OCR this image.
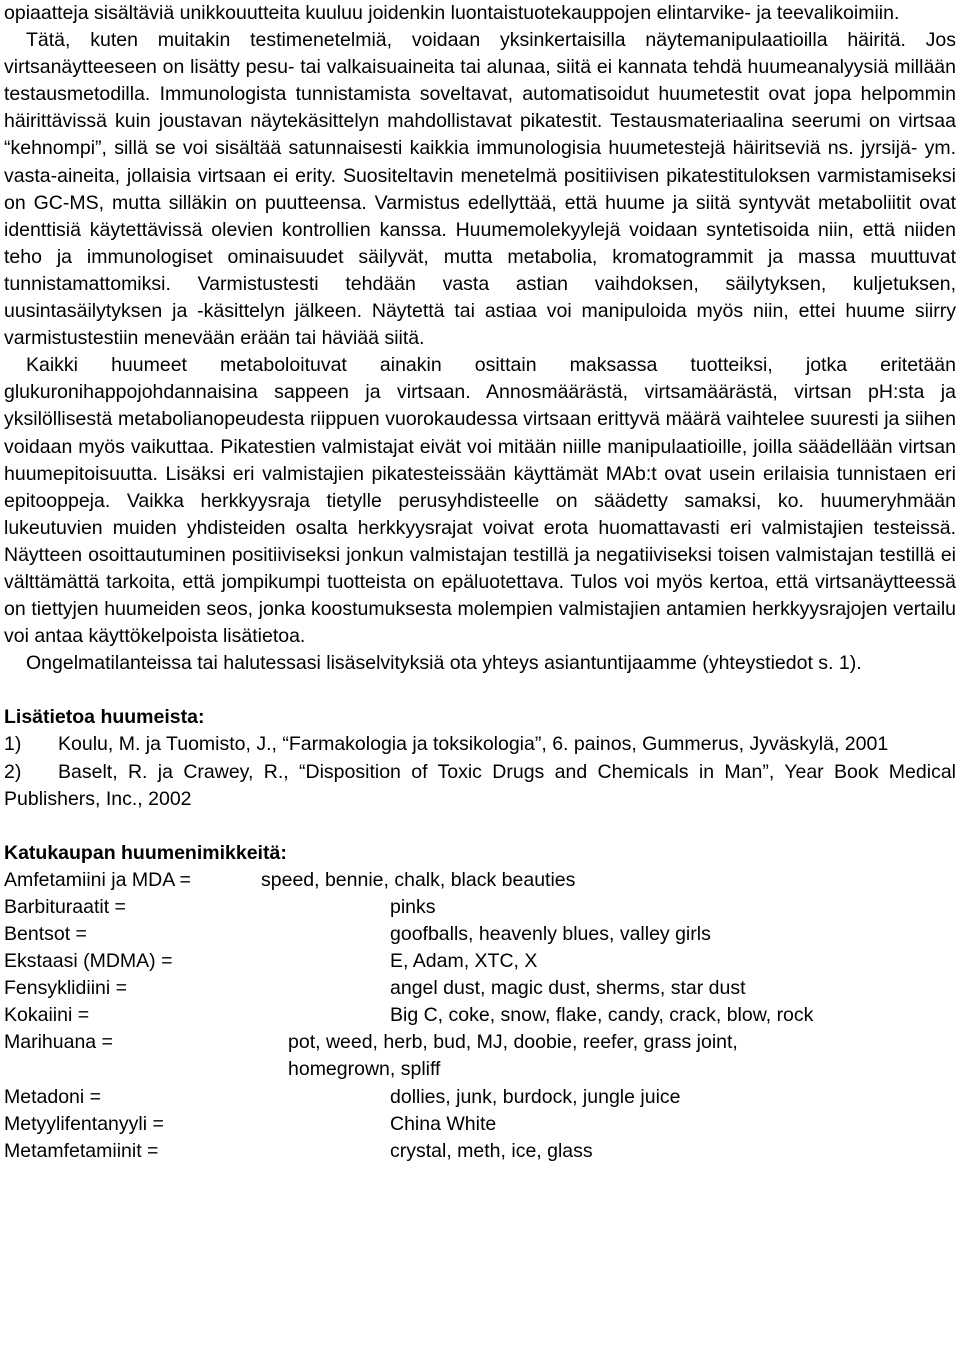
opiaatteja sisältäviä unikkouutteita kuuluu joidenkin luontaistuotekauppojen elintarvike- ja teevalikoimiin.

Tätä, kuten muitakin testimenetelmiä, voidaan yksinkertaisilla näytemanipulaatioilla häiritä. Jos virtsanäytteeseen on lisätty pesu- tai valkaisuaineita tai alunaa, siitä ei kannata tehdä huumeanalyysiä millään testausmetodilla. Immunologista tunnistamista soveltavat, automatisoidut huumetestit ovat jopa helpommin häirittävissä kuin joustavan näytekäsittelyn mahdollistavat pikatestit. Testausmateriaalina seerumi on virtsaa “kehnompi”, sillä se voi sisältää satunnaisesti kaikkia immunologisia huumetestejä häiritseviä ns. jyrsijä- ym. vasta-aineita, jollaisia virtsaan ei erity. Suositeltavin menetelmä positiivisen pikatestituloksen varmistamiseksi on GC-MS, mutta silläkin on puutteensa. Varmistus edellyttää, että huume ja siitä syntyvät metaboliitit ovat identtisiä käytettävissä olevien kontrollien kanssa. Huumemolekyylejä voidaan syntetisoida niin, että niiden teho ja immunologiset ominaisuudet säilyvät, mutta metabolia, kromatogrammit ja massa muuttuvat tunnistamattomiksi. Varmistustesti tehdään vasta astian vaihdoksen, säilytyksen, kuljetuksen, uusintasäilytyksen ja -käsittelyn jälkeen. Näytettä tai astiaa voi manipuloida myös niin, ettei huume siirry varmistustestiin menevään erään tai häviää siitä.

Kaikki huumeet metaboloituvat ainakin osittain maksassa tuotteiksi, jotka eritetään glukuronihappojohdannaisina sappeen ja virtsaan. Annosmäärästä, virtsamäärästä, virtsan pH:sta ja yksilöllisestä metabolianopeudesta riippuen vuorokaudessa virtsaan erittyvä määrä vaihtelee suuresti ja siihen voidaan myös vaikuttaa. Pikatestien valmistajat eivät voi mitään niille manipulaatioille, joilla säädellään virtsan huumepitoisuutta. Lisäksi eri valmistajien pikatesteissään käyttämät MAb:t ovat usein erilaisia tunnistaen eri epitooppeja. Vaikka herkkyysraja tietylle perusyhdisteelle on säädetty samaksi, ko. huumeryhmään lukeutuvien muiden yhdisteiden osalta herkkyysrajat voivat erota huomattavasti eri valmistajien testeissä. Näytteen osoittautuminen positiiviseksi jonkun valmistajan testillä ja negatiiviseksi toisen valmistajan testillä ei välttämättä tarkoita, että jompikumpi tuotteista on epäluotettava. Tulos voi myös kertoa, että virtsanäytteessä on tiettyjen huumeiden seos, jonka koostumuksesta molempien valmistajien antamien herkkyysrajojen vertailu voi antaa käyttökelpoista lisätietoa.

Ongelmatilanteissa tai halutessasi lisäselvityksiä ota yhteys asiantuntijaamme (yhteystiedot s. 1).

Lisätietoa huumeista:

1) Koulu, M. ja Tuomisto, J., “Farmakologia ja toksikologia”, 6. painos, Gummerus, Jyväskylä, 2001

2) Baselt, R. ja Crawey, R., “Disposition of Toxic Drugs and Chemicals in Man”, Year Book Medical Publishers, Inc., 2002

Katukaupan huumenimikkeitä:

Amfetamiini ja MDA =	speed, bennie, chalk, black beauties
Barbituraatit =	pinks
Bentsot =	goofballs, heavenly blues, valley girls
Ekstaasi (MDMA) =	E, Adam, XTC, X
Fensyklidiini =	angel dust, magic dust, sherms, star dust
Kokaiini =	Big C, coke, snow, flake, candy, crack, blow, rock
Marihuana =	pot, weed, herb, bud, MJ, doobie, reefer, grass joint,
homegrown, spliff
Metadoni =	dollies, junk, burdock, jungle juice
Metyylifentanyyli =	China White
Metamfetamiinit =	crystal, meth, ice, glass
